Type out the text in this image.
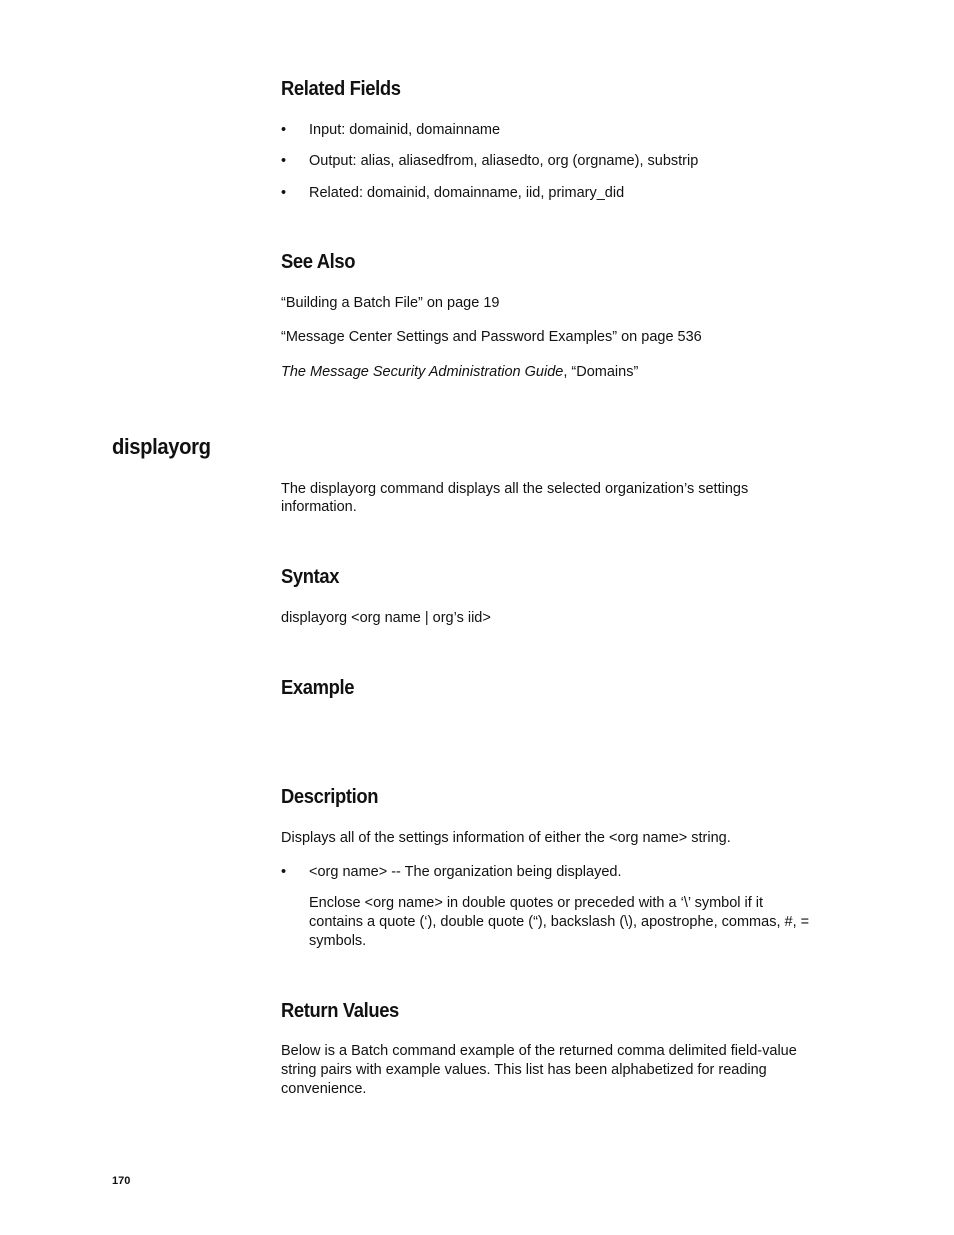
Related Fields
• Input: domainid, domainname
• Output: alias, aliasedfrom, aliasedto, org (orgname), substrip
• Related: domainid, domainname, iid, primary_did
See Also
“Building a Batch File” on page 19
“Message Center Settings and Password Examples” on page 536
The Message Security Administration Guide, “Domains”
displayorg
The displayorg command displays all the selected organization’s settings
information.
Syntax
displayorg <org name | org’s iid>
Example
Description
Displays all of the settings information of either the <org name> string.
• <org name> -- The organization being displayed.
Enclose <org name> in double quotes or preceded with a ‘\’ symbol if it
contains a quote (‘), double quote (“), backslash (\), apostrophe, commas, #, =
symbols.
Return Values
Below is a Batch command example of the returned comma delimited field-value
string pairs with example values. This list has been alphabetized for reading
convenience.
170
